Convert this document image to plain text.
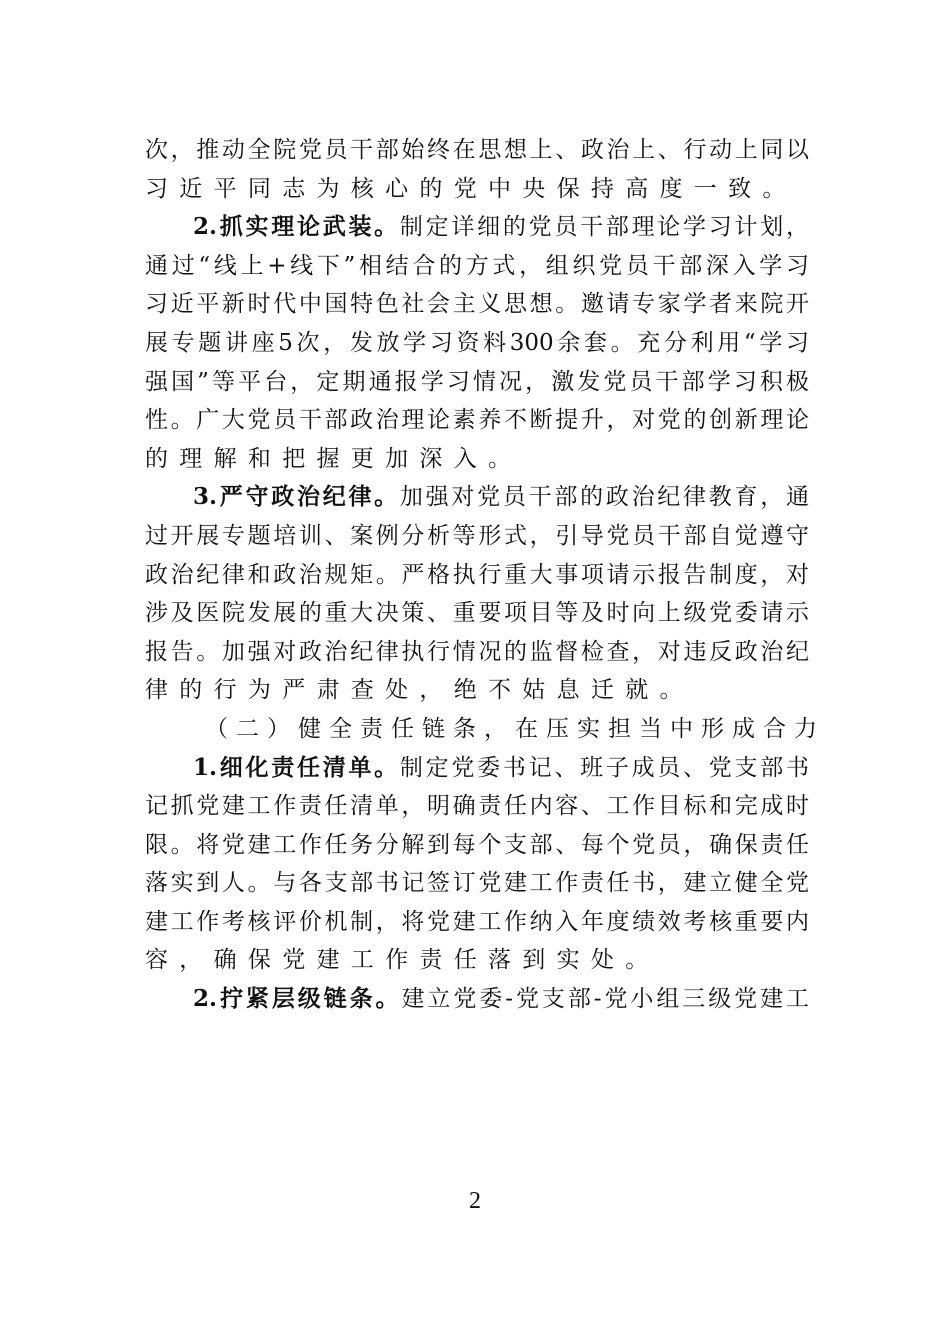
次，推动全院党员干部始终在思想上、政治上、行动上同以
习近平同志为核心的党中央保持高度一致。
2.抓实理论武装。制定详细的党员干部理论学习计划，
通过“线上+线下”相结合的方式，组织党员干部深入学习
习近平新时代中国特色社会主义思想。邀请专家学者来院开
展专题讲座5次，发放学习资料300余套。充分利用“学习
强国”等平台，定期通报学习情况，激发党员干部学习积极
性。广大党员干部政治理论素养不断提升，对党的创新理论
的理解和把握更加深入。
3.严守政治纪律。加强对党员干部的政治纪律教育，通
过开展专题培训、案例分析等形式，引导党员干部自觉遵守
政治纪律和政治规矩。严格执行重大事项请示报告制度，对
涉及医院发展的重大决策、重要项目等及时向上级党委请示
报告。加强对政治纪律执行情况的监督检查，对违反政治纪
律的行为严肃查处，绝不姑息迁就。
（二）健全责任链条，在压实担当中形成合力
1.细化责任清单。制定党委书记、班子成员、党支部书
记抓党建工作责任清单，明确责任内容、工作目标和完成时
限。将党建工作任务分解到每个支部、每个党员，确保责任
落实到人。与各支部书记签订党建工作责任书，建立健全党
建工作考核评价机制，将党建工作纳入年度绩效考核重要内
容，确保党建工作责任落到实处。
2.拧紧层级链条。建立党委-党支部-党小组三级党建工
2
